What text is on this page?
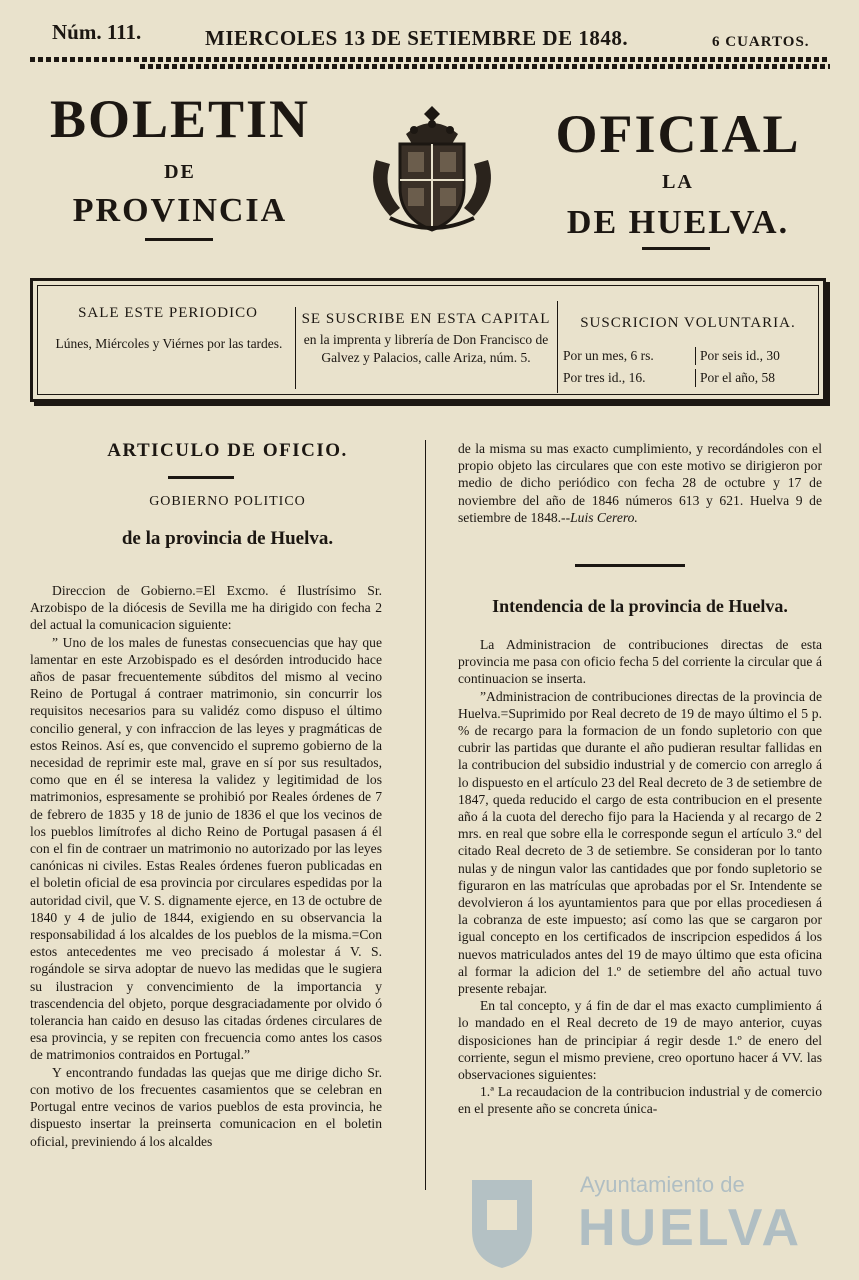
Núm. 111.	MIERCOLES 13 DE SETIEMBRE DE 1848.	6 CUARTOS.
BOLETIN
DE
PROVINCIA
OFICIAL
LA
DE HUELVA.
SALE ESTE PERIODICO
Lúnes, Miércoles y Viérnes por las tardes.
SE SUSCRIBE EN ESTA CAPITAL
en la imprenta y librería de Don Francisco de Galvez y Palacios, calle Ariza, núm. 5.
SUSCRICION VOLUNTARIA.
Por un mes, 6 rs.	Por seis id., 30
Por tres id., 16.	Por el año, 58
ARTICULO DE OFICIO.
GOBIERNO POLITICO
de la provincia de Huelva.

Direccion de Gobierno.=El Excmo. é Ilustrísimo Sr. Arzobispo de la diócesis de Sevilla me ha dirigido con fecha 2 del actual la comunicacion siguiente:

” Uno de los males de funestas consecuencias que hay que lamentar en este Arzobispado es el desórden introducido hace años de pasar frecuentemente súbditos del mismo al vecino Reino de Portugal á contraer matrimonio, sin concurrir los requisitos necesarios para su validéz como dispuso el último concilio general, y con infraccion de las leyes y pragmáticas de estos Reinos. Así es, que convencido el supremo gobierno de la necesidad de reprimir este mal, grave en sí por sus resultados, como que en él se interesa la validez y legitimidad de los matrimonios, espresamente se prohibió por Reales órdenes de 7 de febrero de 1835 y 18 de junio de 1836 el que los vecinos de los pueblos limítrofes al dicho Reino de Portugal pasasen á él con el fin de contraer un matrimonio no autorizado por las leyes canónicas ni civiles. Estas Reales órdenes fueron publicadas en el boletin oficial de esa provincia por circulares espedidas por la autoridad civil, que V. S. dignamente ejerce, en 13 de octubre de 1840 y 4 de julio de 1844, exigiendo en su observancia la responsabilidad á los alcaldes de los pueblos de la misma.=Con estos antecedentes me veo precisado á molestar á V. S. rogándole se sirva adoptar de nuevo las medidas que le sugiera su ilustracion y convencimiento de la importancia y trascendencia del objeto, porque desgraciadamente por olvido ó tolerancia han caido en desuso las citadas órdenes circulares de esa provincia, y se repiten con frecuencia como antes los casos de matrimonios contraidos en Portugal.”

Y encontrando fundadas las quejas que me dirige dicho Sr. con motivo de los frecuentes casamientos que se celebran en Portugal entre vecinos de varios pueblos de esta provincia, he dispuesto insertar la preinserta comunicacion en el boletin oficial, previniendo á los alcaldes

de la misma su mas exacto cumplimiento, y recordándoles con el propio objeto las circulares que con este motivo se dirigieron por medio de dicho periódico con fecha 28 de octubre y 17 de noviembre del año de 1846 números 613 y 621. Huelva 9 de setiembre de 1848.--Luis Cerero.

Intendencia de la provincia de Huelva.

La Administracion de contribuciones directas de esta provincia me pasa con oficio fecha 5 del corriente la circular que á continuacion se inserta.

”Administracion de contribuciones directas de la provincia de Huelva.=Suprimido por Real decreto de 19 de mayo último el 5 p. % de recargo para la formacion de un fondo supletorio con que cubrir las partidas que durante el año pudieran resultar fallidas en la contribucion del subsidio industrial y de comercio con arreglo á lo dispuesto en el artículo 23 del Real decreto de 3 de setiembre de 1847, queda reducido el cargo de esta contribucion en el presente año á la cuota del derecho fijo para la Hacienda y al recargo de 2 mrs. en real que sobre ella le corresponde segun el artículo 3.º del citado Real decreto de 3 de setiembre. Se consideran por lo tanto nulas y de ningun valor las cantidades que por fondo supletorio se figuraron en las matrículas que aprobadas por el Sr. Intendente se devolvieron á los ayuntamientos para que por ellas procediesen á la cobranza de este impuesto; así como las que se cargaron por igual concepto en los certificados de inscripcion espedidos á los nuevos matriculados antes del 19 de mayo último que esta oficina al formar la adicion del 1.º de setiembre del año actual tuvo presente rebajar.

En tal concepto, y á fin de dar el mas exacto cumplimiento á lo mandado en el Real decreto de 19 de mayo anterior, cuyas disposiciones han de principiar á regir desde 1.º de enero del corriente, segun el mismo previene, creo oportuno hacer á VV. las observaciones siguientes:

1.ª La recaudacion de la contribucion industrial y de comercio en el presente año se concreta única-

Ayuntamiento de
HUELVA
